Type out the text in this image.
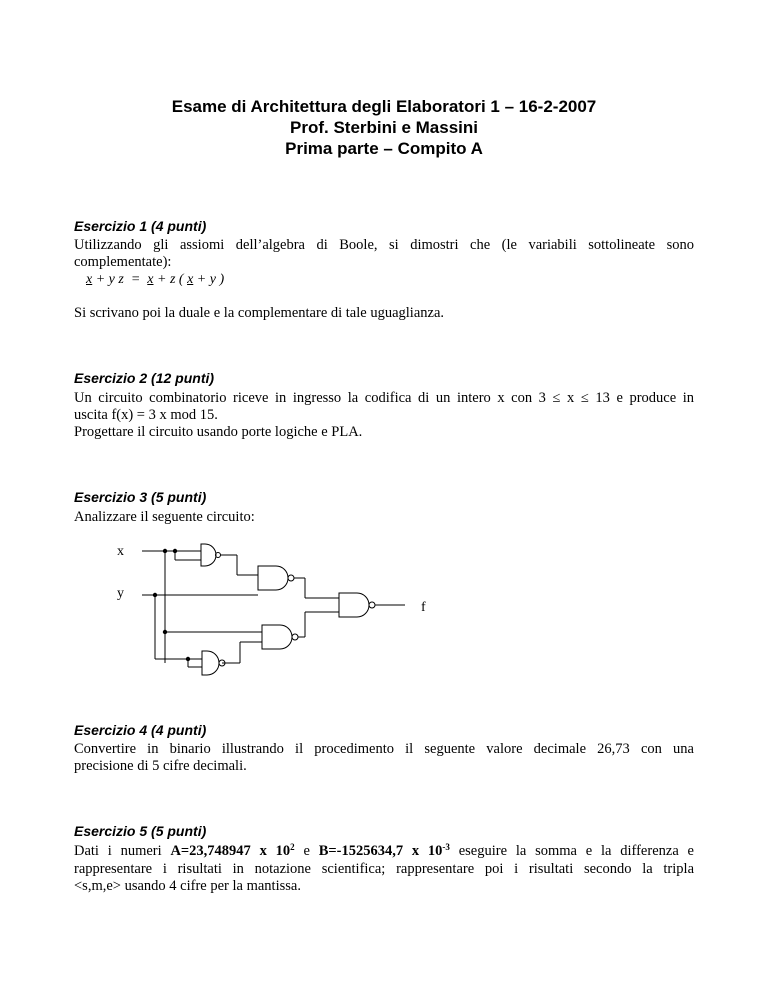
Esame di Architettura degli Elaboratori 1 – 16-2-2007
Prof. Sterbini e Massini
Prima parte – Compito A
Esercizio 1 (4 punti)
Utilizzando gli assiomi dell’algebra di Boole, si dimostri che (le variabili sottolineate sono
complementate):
x + y z  =  x + z ( x + y )
Si scrivano poi la duale e la complementare di tale uguaglianza.
Esercizio 2 (12 punti)
Un circuito combinatorio riceve in ingresso la codifica di un intero x con 3 ≤ x ≤ 13 e produce in
uscita f(x) = 3 x mod 15.
Progettare il circuito usando porte logiche e PLA.
Esercizio 3 (5 punti)
Analizzare il seguente circuito:
x
y
f
Esercizio 4 (4 punti)
Convertire in binario illustrando il procedimento il seguente valore decimale 26,73 con una
precisione di 5 cifre decimali.
Esercizio 5 (5 punti)
Dati i numeri A=23,748947 x $10^2$ e B=-1525634,7 x $10^{-3}$ eseguire la somma e la differenza e
rappresentare i risultati in notazione scientifica; rappresentare poi i risultati secondo la tripla
<s,m,e> usando 4 cifre per la mantissa.
